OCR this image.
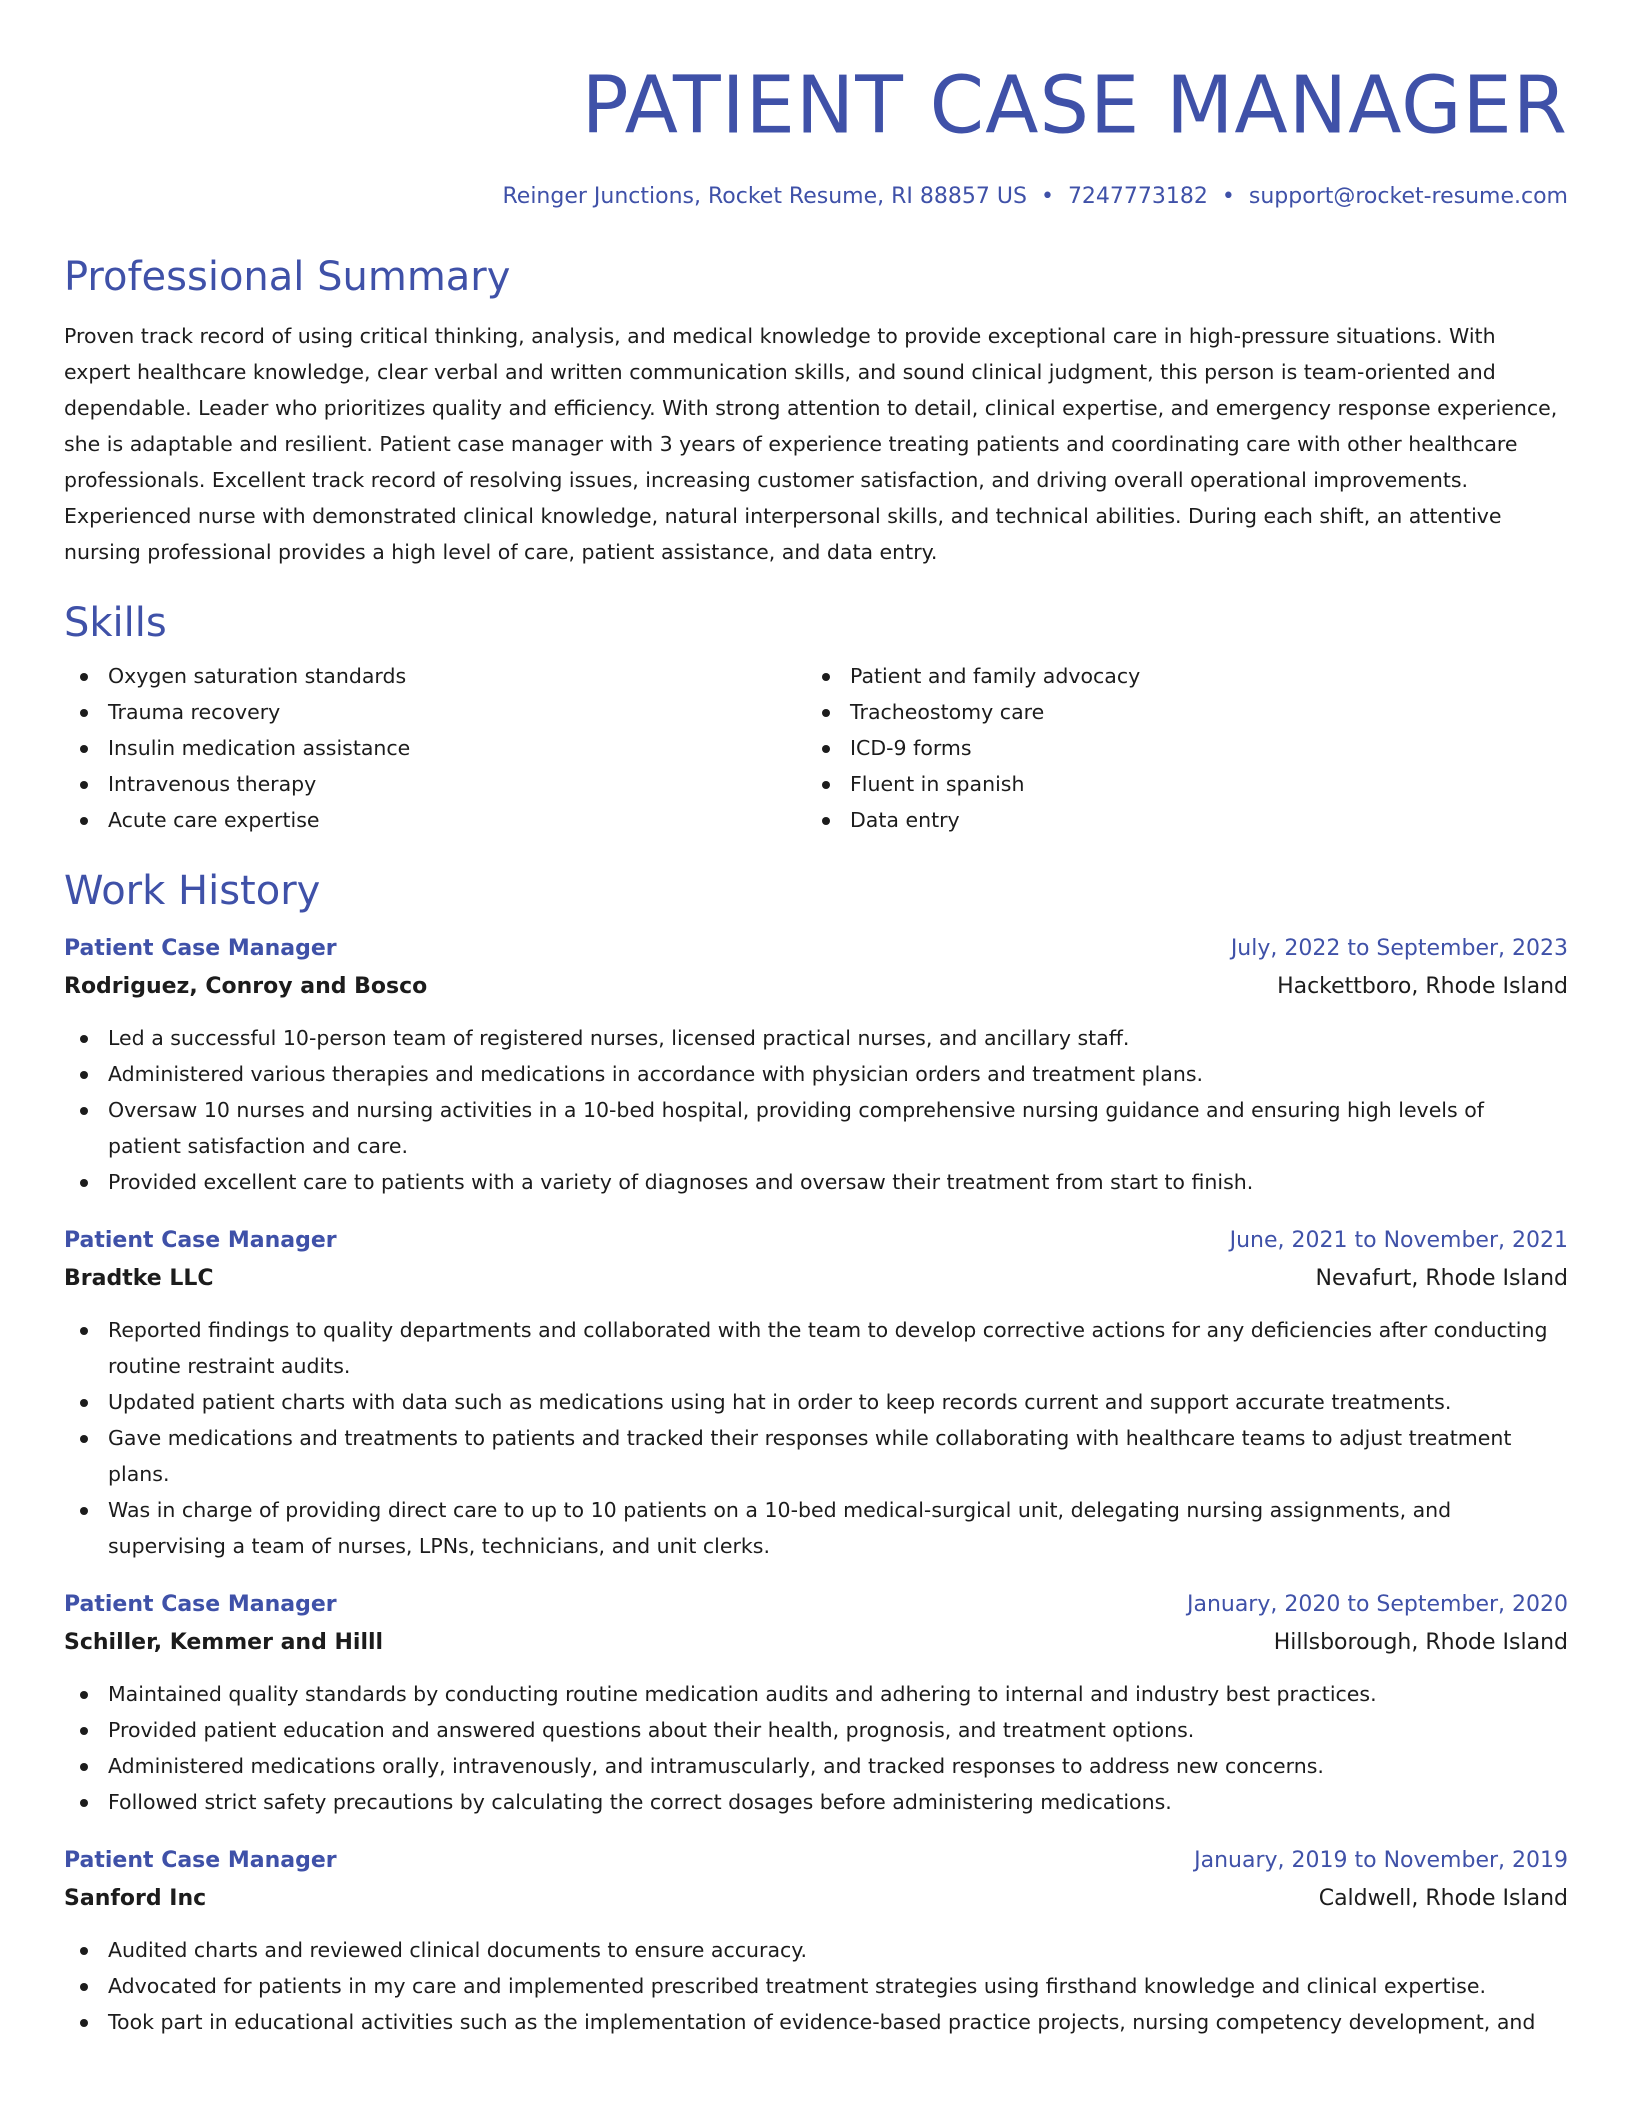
PATIENT CASE MANAGER
Reinger Junctions, Rocket Resume, RI 88857 US • 7247773182 • support@rocket-resume.com
Professional Summary

Proven track record of using critical thinking, analysis, and medical knowledge to provide exceptional care in high-pressure situations. With expert healthcare knowledge, clear verbal and written communication skills, and sound clinical judgment, this person is team-oriented and dependable. Leader who prioritizes quality and efficiency. With strong attention to detail, clinical expertise, and emergency response experience, she is adaptable and resilient. Patient case manager with 3 years of experience treating patients and coordinating care with other healthcare professionals. Excellent track record of resolving issues, increasing customer satisfaction, and driving overall operational improvements. Experienced nurse with demonstrated clinical knowledge, natural interpersonal skills, and technical abilities. During each shift, an attentive nursing professional provides a high level of care, patient assistance, and data entry.

Skills
Oxygen saturation standards
Trauma recovery
Insulin medication assistance
Intravenous therapy
Acute care expertise
Patient and family advocacy
Tracheostomy care
ICD-9 forms
Fluent in spanish
Data entry
Work History
Patient Case Manager	July, 2022 to September, 2023
Rodriguez, Conroy and Bosco	Hackettboro, Rhode Island
Led a successful 10-person team of registered nurses, licensed practical nurses, and ancillary staff.
Administered various therapies and medications in accordance with physician orders and treatment plans.
Oversaw 10 nurses and nursing activities in a 10-bed hospital, providing comprehensive nursing guidance and ensuring high levels of patient satisfaction and care.
Provided excellent care to patients with a variety of diagnoses and oversaw their treatment from start to finish.
Patient Case Manager	June, 2021 to November, 2021
Bradtke LLC	Nevafurt, Rhode Island
Reported findings to quality departments and collaborated with the team to develop corrective actions for any deficiencies after conducting routine restraint audits.
Updated patient charts with data such as medications using hat in order to keep records current and support accurate treatments.
Gave medications and treatments to patients and tracked their responses while collaborating with healthcare teams to adjust treatment plans.
Was in charge of providing direct care to up to 10 patients on a 10-bed medical-surgical unit, delegating nursing assignments, and supervising a team of nurses, LPNs, technicians, and unit clerks.
Patient Case Manager	January, 2020 to September, 2020
Schiller, Kemmer and Hilll	Hillsborough, Rhode Island
Maintained quality standards by conducting routine medication audits and adhering to internal and industry best practices.
Provided patient education and answered questions about their health, prognosis, and treatment options.
Administered medications orally, intravenously, and intramuscularly, and tracked responses to address new concerns.
Followed strict safety precautions by calculating the correct dosages before administering medications.
Patient Case Manager	January, 2019 to November, 2019
Sanford Inc	Caldwell, Rhode Island
Audited charts and reviewed clinical documents to ensure accuracy.
Advocated for patients in my care and implemented prescribed treatment strategies using firsthand knowledge and clinical expertise.
Took part in educational activities such as the implementation of evidence-based practice projects, nursing competency development, and
